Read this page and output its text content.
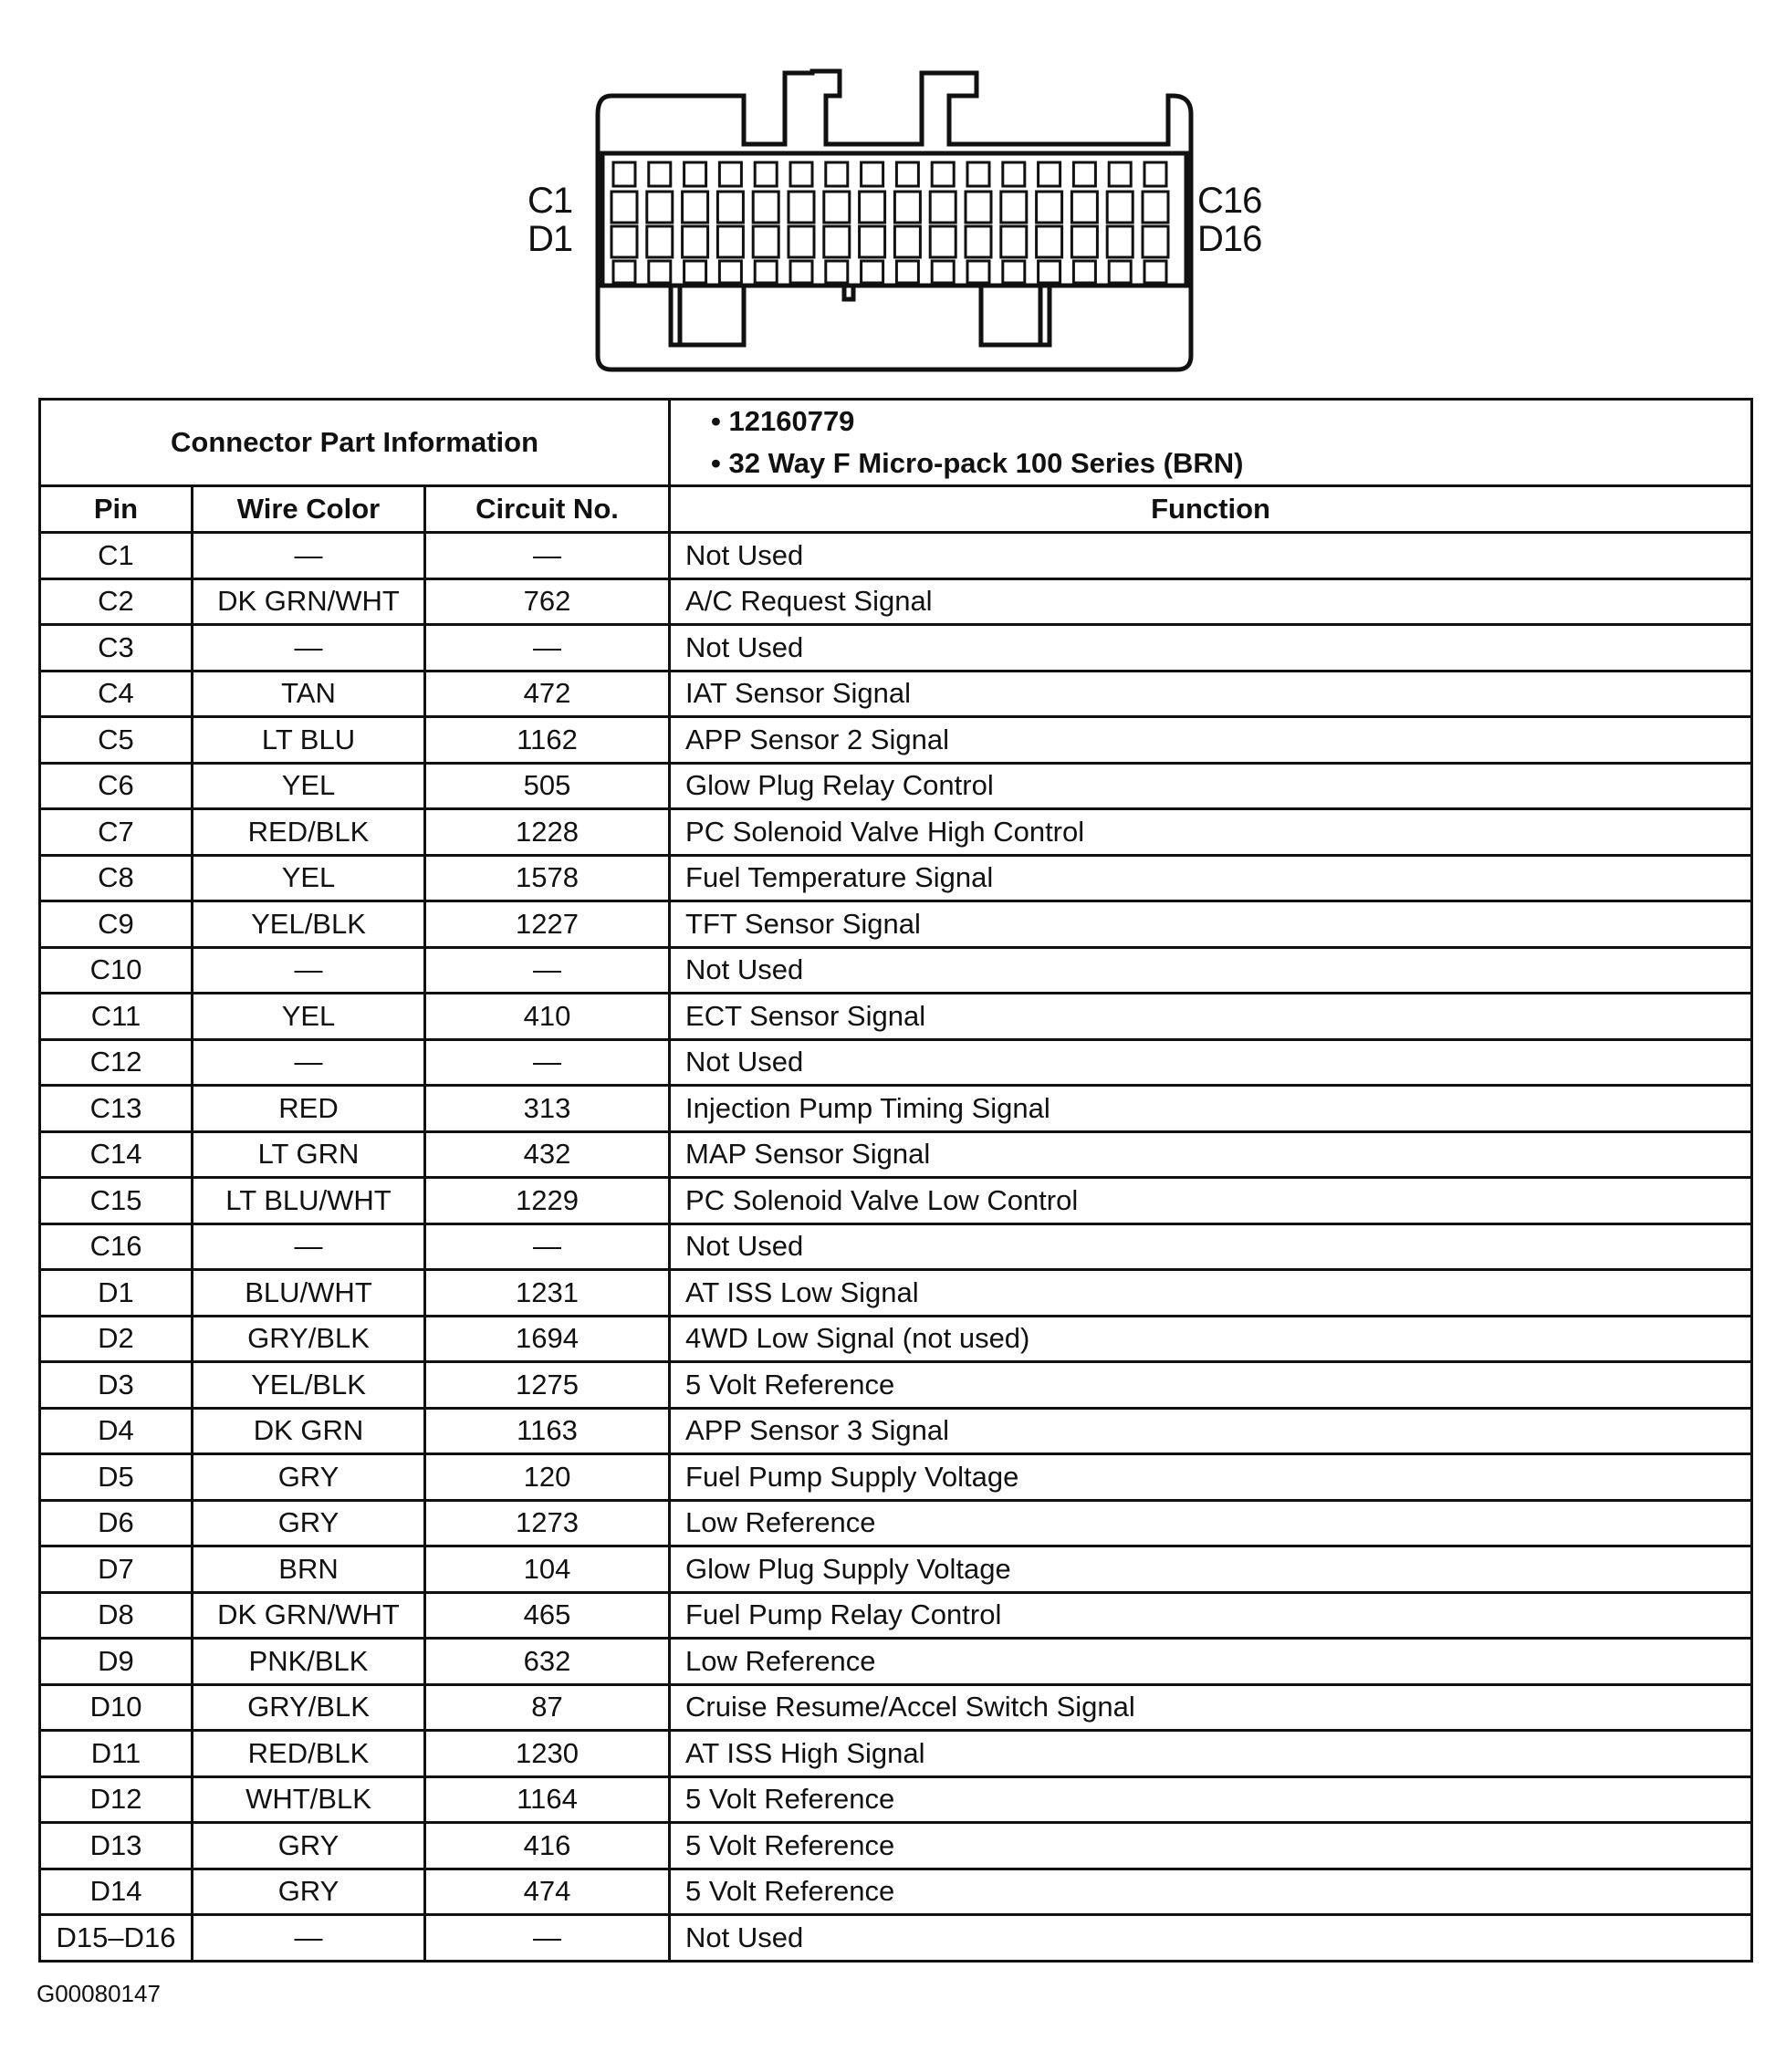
C1
D1
C16
D16
Connector Part Information			• 12160779
• 32 Way F Micro-pack 100 Series (BRN)

Pin	Wire Color	Circuit No.	Function
C1	—	—	Not Used
C2	DK GRN/WHT	762	A/C Request Signal
C3	—	—	Not Used
C4	TAN	472	IAT Sensor Signal
C5	LT BLU	1162	APP Sensor 2 Signal
C6	YEL	505	Glow Plug Relay Control
C7	RED/BLK	1228	PC Solenoid Valve High Control
C8	YEL	1578	Fuel Temperature Signal
C9	YEL/BLK	1227	TFT Sensor Signal
C10	—	—	Not Used
C11	YEL	410	ECT Sensor Signal
C12	—	—	Not Used
C13	RED	313	Injection Pump Timing Signal
C14	LT GRN	432	MAP Sensor Signal
C15	LT BLU/WHT	1229	PC Solenoid Valve Low Control
C16	—	—	Not Used
D1	BLU/WHT	1231	AT ISS Low Signal
D2	GRY/BLK	1694	4WD Low Signal (not used)
D3	YEL/BLK	1275	5 Volt Reference
D4	DK GRN	1163	APP Sensor 3 Signal
D5	GRY	120	Fuel Pump Supply Voltage
D6	GRY	1273	Low Reference
D7	BRN	104	Glow Plug Supply Voltage
D8	DK GRN/WHT	465	Fuel Pump Relay Control
D9	PNK/BLK	632	Low Reference
D10	GRY/BLK	87	Cruise Resume/Accel Switch Signal
D11	RED/BLK	1230	AT ISS High Signal
D12	WHT/BLK	1164	5 Volt Reference
D13	GRY	416	5 Volt Reference
D14	GRY	474	5 Volt Reference
D15–D16	—	—	Not Used
G00080147
